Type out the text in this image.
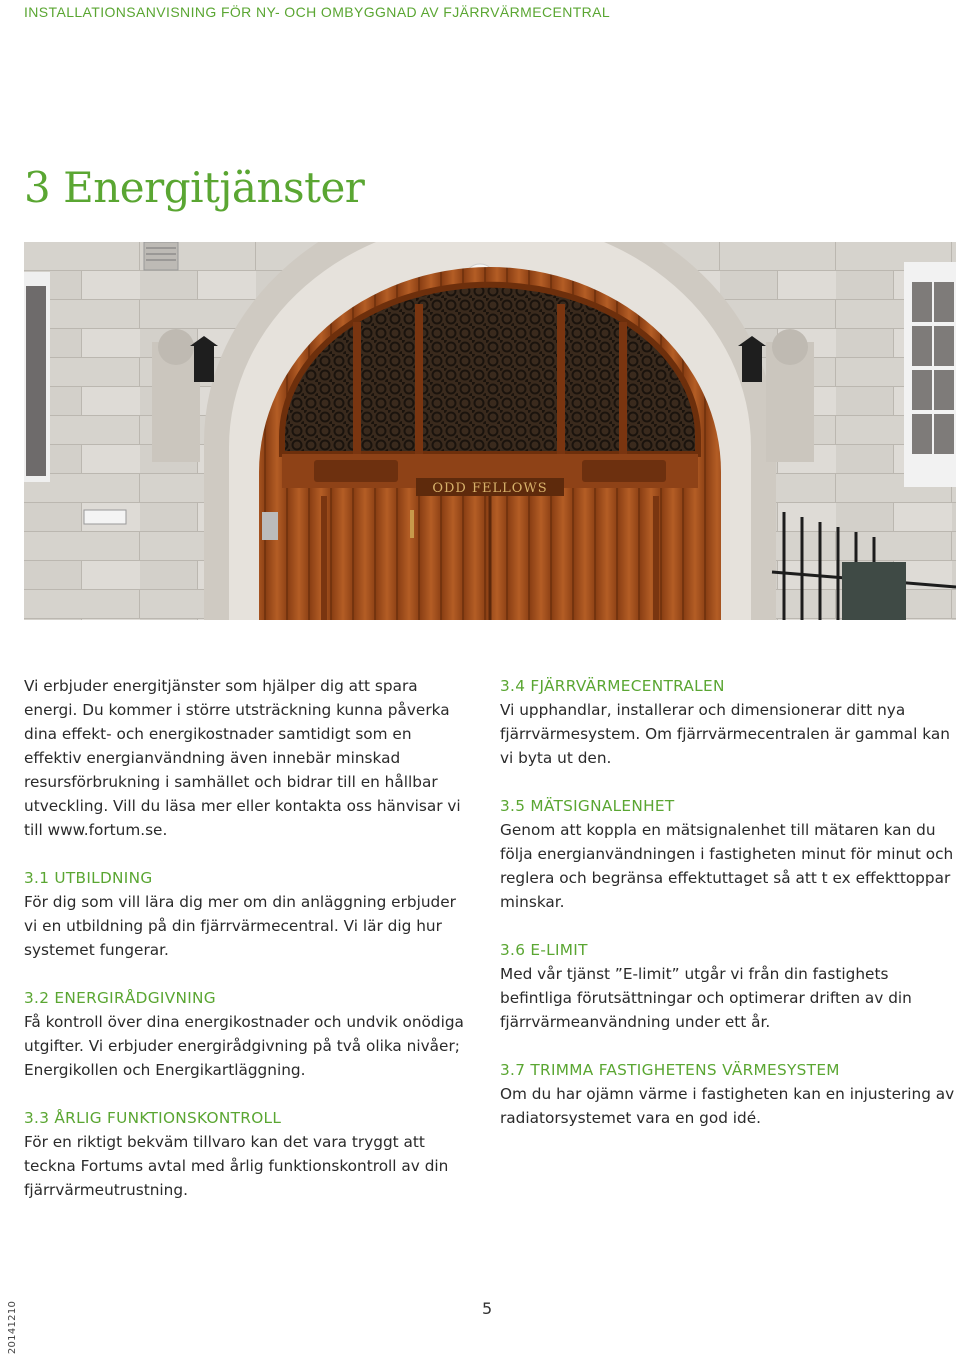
INSTALLATIONSANVISNING FÖR NY- OCH OMBYGGNAD AV FJÄRRVÄRMECENTRAL
3 Energitjänster
ODD FELLOWS

Vi erbjuder energitjänster som hjälper dig att spara energi. Du kommer i större utsträckning kunna påverka dina effekt- och energikostnader samtidigt som en effektiv energianvändning även innebär minskad resursförbrukning i samhället och bidrar till en hållbar utveckling. Vill du läsa mer eller kontakta oss hänvisar vi till www.fortum.se.

3.1 UTBILDNING

För dig som vill lära dig mer om din anläggning erbjuder vi en utbildning på din fjärrvärmecentral. Vi lär dig hur systemet fungerar.

3.2 ENERGIRÅDGIVNING

Få kontroll över dina energikostnader och undvik onödiga utgifter. Vi erbjuder energirådgivning på två olika nivåer; Energikollen och Energikartläggning.

3.3 ÅRLIG FUNKTIONSKONTROLL

För en riktigt bekväm tillvaro kan det vara tryggt att teckna Fortums avtal med årlig funktionskontroll av din fjärrvärmeutrustning.

3.4 FJÄRRVÄRMECENTRALEN

Vi upphandlar, installerar och dimensionerar ditt nya fjärrvärmesystem. Om fjärrvärmecentralen är gammal kan vi byta ut den.

3.5 MÄTSIGNALENHET

Genom att koppla en mätsignalenhet till mätaren kan du följa energianvändningen i fastigheten minut för minut och reglera och begränsa effektuttaget så att t ex effekttoppar minskar.

3.6 E-LIMIT

Med vår tjänst ”E-limit” utgår vi från din fastighets befintliga förutsättningar och optimerar driften av din fjärrvärmeanvändning under ett år.

3.7 TRIMMA FASTIGHETENS VÄRMESYSTEM

Om du har ojämn värme i fastigheten kan en injustering av radiatorsystemet vara en god idé.

5
20141210
